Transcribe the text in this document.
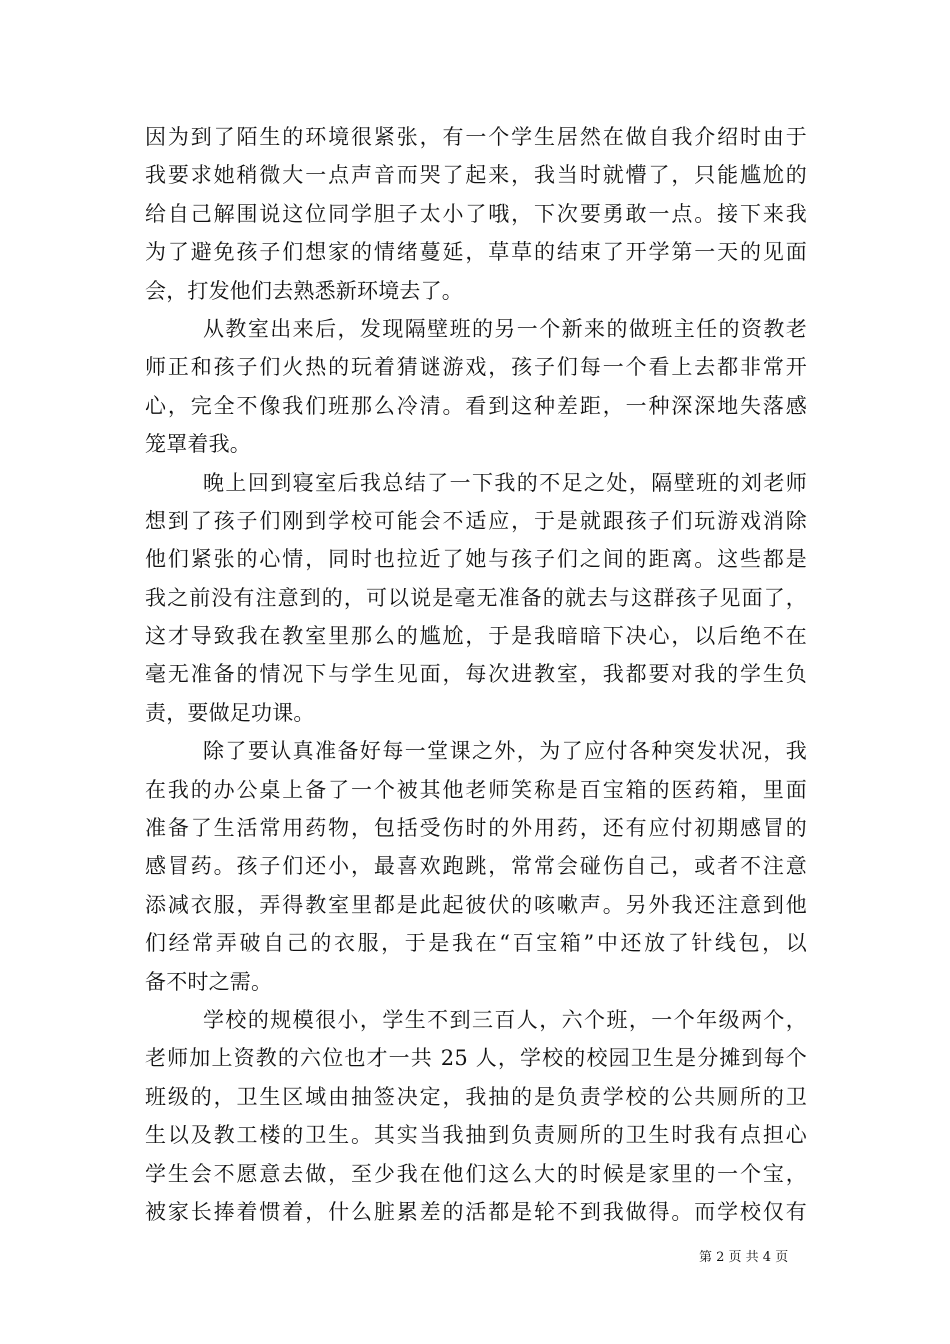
因为到了陌生的环境很紧张，有一个学生居然在做自我介绍时由于
我要求她稍微大一点声音而哭了起来，我当时就懵了，只能尴尬的
给自己解围说这位同学胆子太小了哦，下次要勇敢一点。接下来我
为了避免孩子们想家的情绪蔓延，草草的结束了开学第一天的见面
会，打发他们去熟悉新环境去了。
从教室出来后，发现隔壁班的另一个新来的做班主任的资教老
师正和孩子们火热的玩着猜谜游戏，孩子们每一个看上去都非常开
心，完全不像我们班那么冷清。看到这种差距，一种深深地失落感
笼罩着我。
晚上回到寝室后我总结了一下我的不足之处，隔壁班的刘老师
想到了孩子们刚到学校可能会不适应，于是就跟孩子们玩游戏消除
他们紧张的心情，同时也拉近了她与孩子们之间的距离。这些都是
我之前没有注意到的，可以说是毫无准备的就去与这群孩子见面了，
这才导致我在教室里那么的尴尬，于是我暗暗下决心，以后绝不在
毫无准备的情况下与学生见面，每次进教室，我都要对我的学生负
责，要做足功课。
除了要认真准备好每一堂课之外，为了应付各种突发状况，我
在我的办公桌上备了一个被其他老师笑称是百宝箱的医药箱，里面
准备了生活常用药物，包括受伤时的外用药，还有应付初期感冒的
感冒药。孩子们还小，最喜欢跑跳，常常会碰伤自己，或者不注意
添减衣服，弄得教室里都是此起彼伏的咳嗽声。另外我还注意到他
们经常弄破自己的衣服，于是我在“百宝箱”中还放了针线包，以
备不时之需。
学校的规模很小，学生不到三百人，六个班，一个年级两个，
老师加上资教的六位也才一共 25 人，学校的校园卫生是分摊到每个
班级的，卫生区域由抽签决定，我抽的是负责学校的公共厕所的卫
生以及教工楼的卫生。其实当我抽到负责厕所的卫生时我有点担心
学生会不愿意去做，至少我在他们这么大的时候是家里的一个宝，
被家长捧着惯着，什么脏累差的活都是轮不到我做得。而学校仅有
第 2 页 共 4 页
